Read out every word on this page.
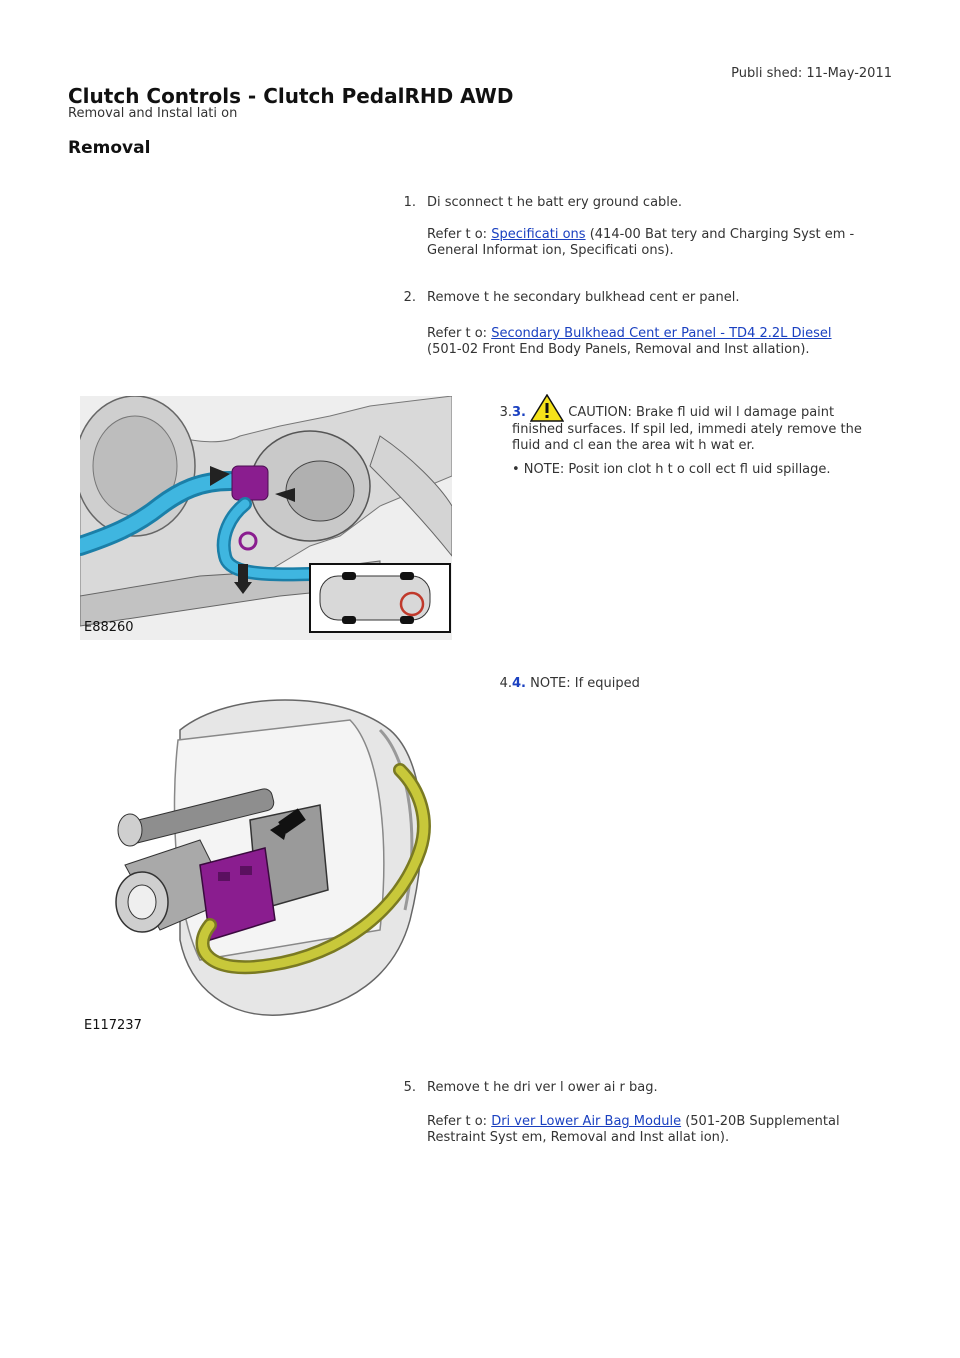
Publi shed: 11-May-2011
Clutch Controls - Clutch PedalRHD AWD
Removal and Instal lati on
Removal
1. Di sconnect t he batt ery ground cable.
Refer t o: Specificati ons (414-00 Bat tery and Charging Syst em - General Informat ion, Specificati ons).
2. Remove t he secondary bulkhead cent er panel.
Refer t o: Secondary Bulkhead Cent er Panel - TD4 2.2L Diesel
(501-02 Front End Body Panels, Removal and Inst allation).
E88260
3. 3.	CAUTION: Brake fl uid wil l damage paint finished surfaces. If spil led, immedi ately remove the fluid and cl ean the area wit h wat er.
• NOTE: Posit ion clot h t o coll ect fl uid spillage.
4. 4. NOTE: If equiped
E117237
5. Remove t he dri ver l ower ai r bag.
Refer t o: Dri ver Lower Air Bag Module (501-20B Supplemental Restraint Syst em, Removal and Inst allat ion).
